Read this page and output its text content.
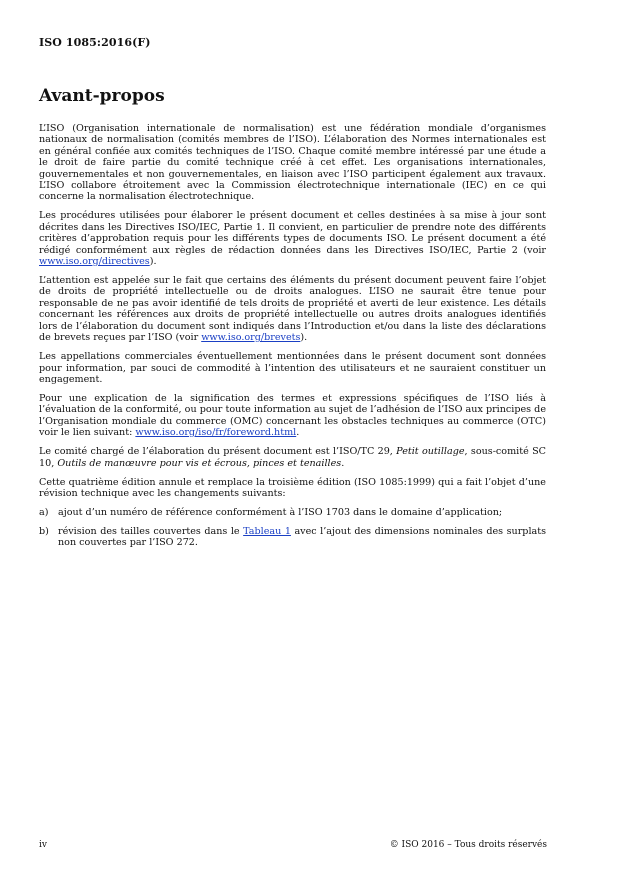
ISO 1085:2016(F)
Avant-propos

L’ISO (Organisation internationale de normalisation) est une fédération mondiale d’organismes nationaux de normalisation (comités membres de l’ISO). L’élaboration des Normes internationales est en général confiée aux comités techniques de l’ISO. Chaque comité membre intéressé par une étude a le droit de faire partie du comité technique créé à cet effet. Les organisations internationales, gouvernementales et non gouvernementales, en liaison avec l’ISO participent également aux travaux. L’ISO collabore étroitement avec la Commission électrotechnique internationale (IEC) en ce qui concerne la normalisation électrotechnique.

Les procédures utilisées pour élaborer le présent document et celles destinées à sa mise à jour sont décrites dans les Directives ISO/IEC, Partie 1. Il convient, en particulier de prendre note des différents critères d’approbation requis pour les différents types de documents ISO. Le présent document a été rédigé conformément aux règles de rédaction données dans les Directives ISO/IEC, Partie 2 (voir www.iso.org/directives).

L’attention est appelée sur le fait que certains des éléments du présent document peuvent faire l’objet de droits de propriété intellectuelle ou de droits analogues. L’ISO ne saurait être tenue pour responsable de ne pas avoir identifié de tels droits de propriété et averti de leur existence. Les détails concernant les références aux droits de propriété intellectuelle ou autres droits analogues identifiés lors de l’élaboration du document sont indiqués dans l’Introduction et/ou dans la liste des déclarations de brevets reçues par l’ISO (voir www.iso.org/brevets).

Les appellations commerciales éventuellement mentionnées dans le présent document sont données pour information, par souci de commodité à l’intention des utilisateurs et ne sauraient constituer un engagement.

Pour une explication de la signification des termes et expressions spécifiques de l’ISO liés à l’évaluation de la conformité, ou pour toute information au sujet de l’adhésion de l’ISO aux principes de l’Organisation mondiale du commerce (OMC) concernant les obstacles techniques au commerce (OTC) voir le lien suivant: www.iso.org/iso/fr/foreword.html.

Le comité chargé de l’élaboration du présent document est l’ISO/TC 29, Petit outillage, sous-comité SC 10, Outils de manœuvre pour vis et écrous, pinces et tenailles.

Cette quatrième édition annule et remplace la troisième édition (ISO 1085:1999) qui a fait l’objet d’une révision technique avec les changements suivants:

a) ajout d’un numéro de référence conformément à l’ISO 1703 dans le domaine d’application;
b) révision des tailles couvertes dans le Tableau 1 avec l’ajout des dimensions nominales des surplats non couvertes par l’ISO 272.
iv	© ISO 2016 – Tous droits réservés
